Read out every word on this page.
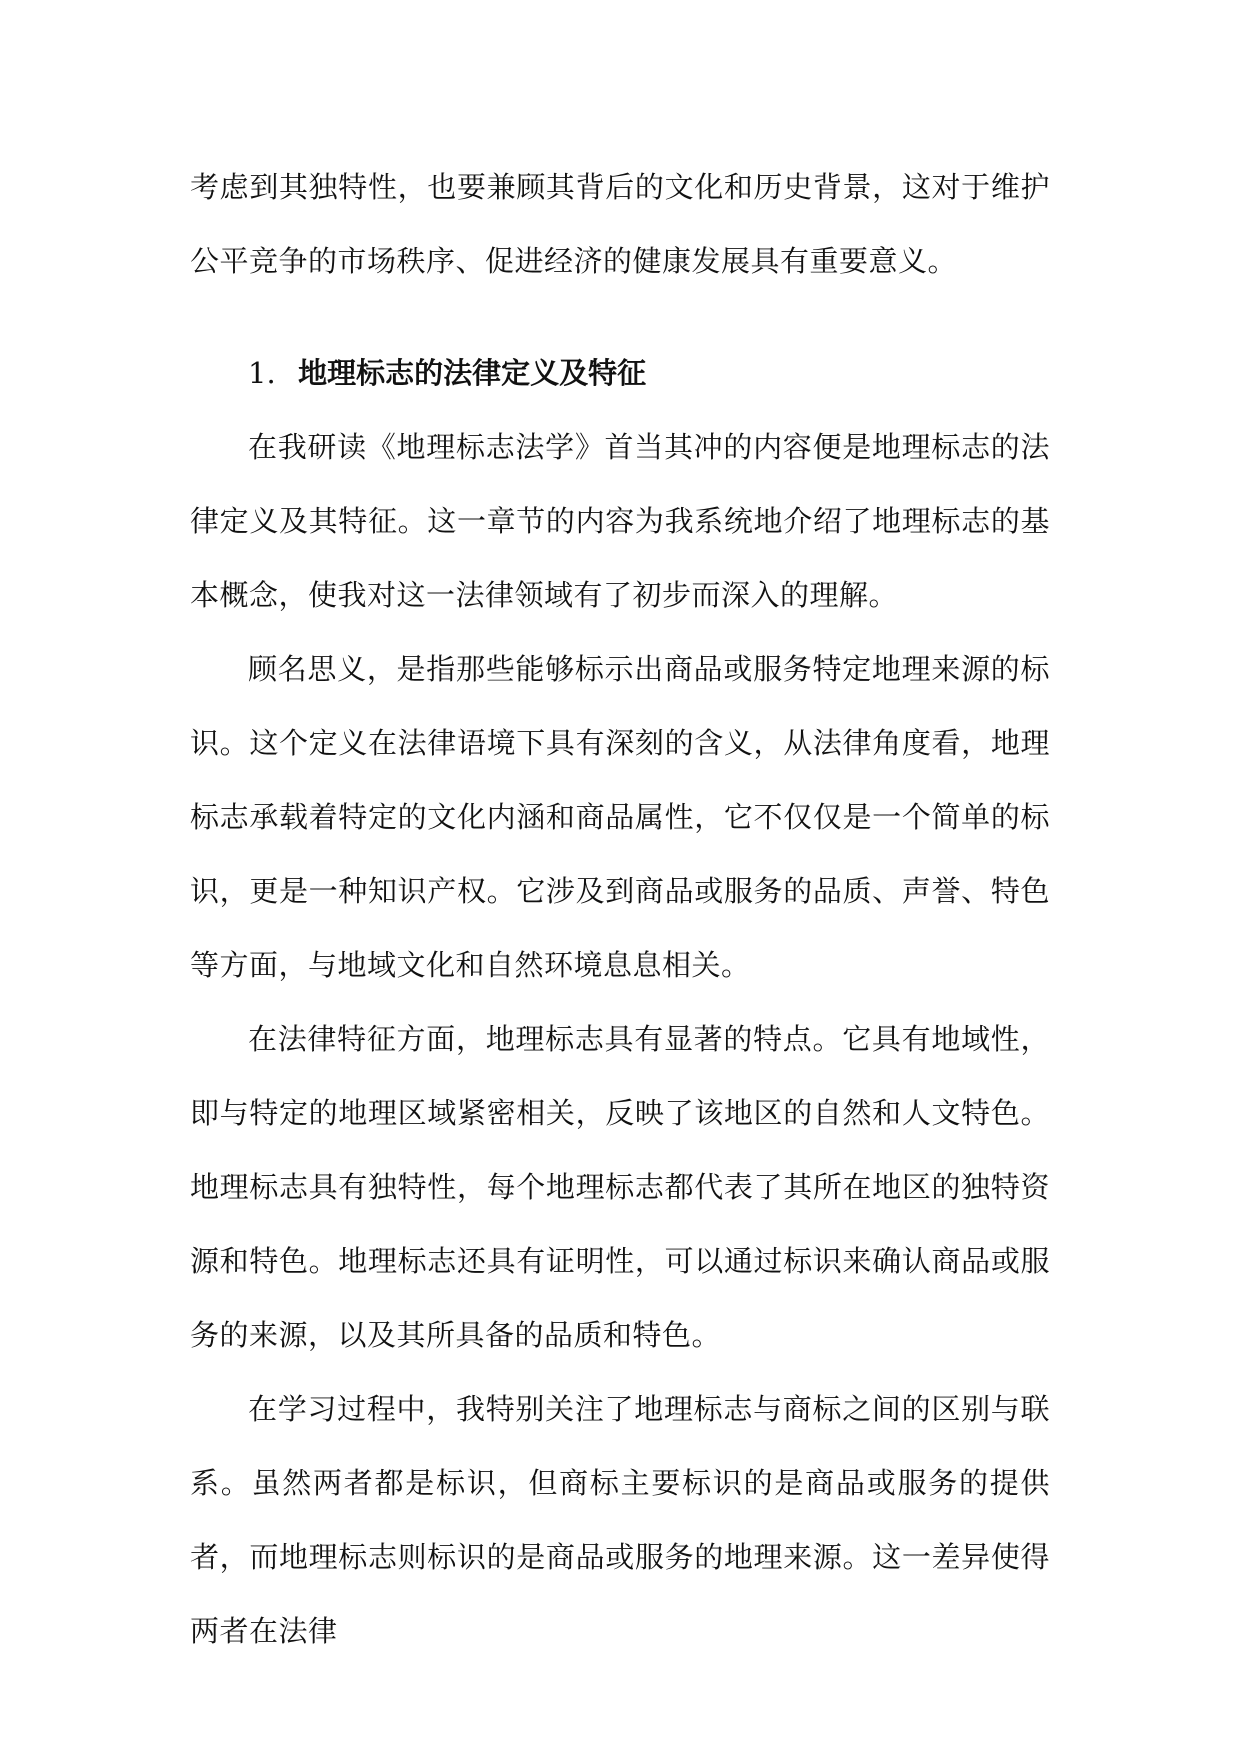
考虑到其独特性，也要兼顾其背后的文化和历史背景，这对于维护公平竞争的市场秩序、促进经济的健康发展具有重要意义。

1. 地理标志的法律定义及特征

在我研读《地理标志法学》首当其冲的内容便是地理标志的法律定义及其特征。这一章节的内容为我系统地介绍了地理标志的基本概念，使我对这一法律领域有了初步而深入的理解。

顾名思义，是指那些能够标示出商品或服务特定地理来源的标识。这个定义在法律语境下具有深刻的含义，从法律角度看，地理标志承载着特定的文化内涵和商品属性，它不仅仅是一个简单的标识，更是一种知识产权。它涉及到商品或服务的品质、声誉、特色等方面，与地域文化和自然环境息息相关。

在法律特征方面，地理标志具有显著的特点。它具有地域性，即与特定的地理区域紧密相关，反映了该地区的自然和人文特色。地理标志具有独特性，每个地理标志都代表了其所在地区的独特资源和特色。地理标志还具有证明性，可以通过标识来确认商品或服务的来源，以及其所具备的品质和特色。

在学习过程中，我特别关注了地理标志与商标之间的区别与联系。虽然两者都是标识，但商标主要标识的是商品或服务的提供者，而地理标志则标识的是商品或服务的地理来源。这一差异使得两者在法律
